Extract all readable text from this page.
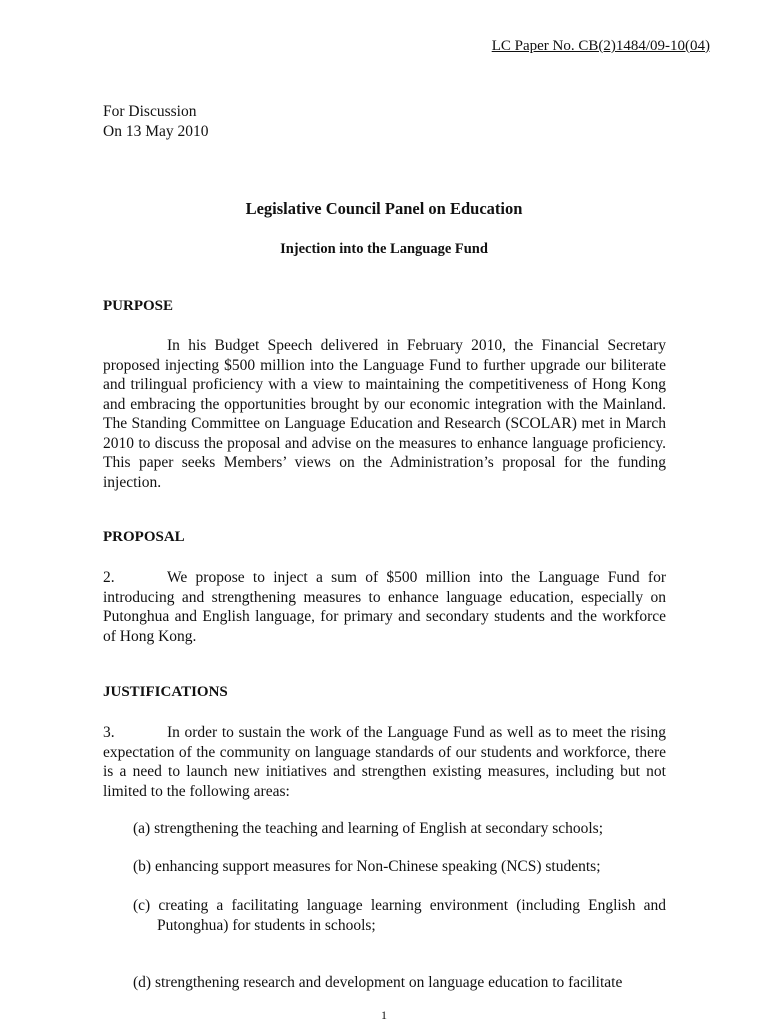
LC Paper No. CB(2)1484/09-10(04)
For Discussion
On 13 May 2010
Legislative Council Panel on Education
Injection into the Language Fund
PURPOSE
In his Budget Speech delivered in February 2010, the Financial Secretary proposed injecting $500 million into the Language Fund to further upgrade our biliterate and trilingual proficiency with a view to maintaining the competitiveness of Hong Kong and embracing the opportunities brought by our economic integration with the Mainland. The Standing Committee on Language Education and Research (SCOLAR) met in March 2010 to discuss the proposal and advise on the measures to enhance language proficiency. This paper seeks Members’ views on the Administration’s proposal for the funding injection.
PROPOSAL
2.	We propose to inject a sum of $500 million into the Language Fund for introducing and strengthening measures to enhance language education, especially on Putonghua and English language, for primary and secondary students and the workforce of Hong Kong.
JUSTIFICATIONS
3.	In order to sustain the work of the Language Fund as well as to meet the rising expectation of the community on language standards of our students and workforce, there is a need to launch new initiatives and strengthen existing measures, including but not limited to the following areas:
(a) strengthening the teaching and learning of English at secondary schools;
(b) enhancing support measures for Non-Chinese speaking (NCS) students;
(c) creating a facilitating language learning environment (including English and Putonghua) for students in schools;
(d) strengthening research and development on language education to facilitate
1
